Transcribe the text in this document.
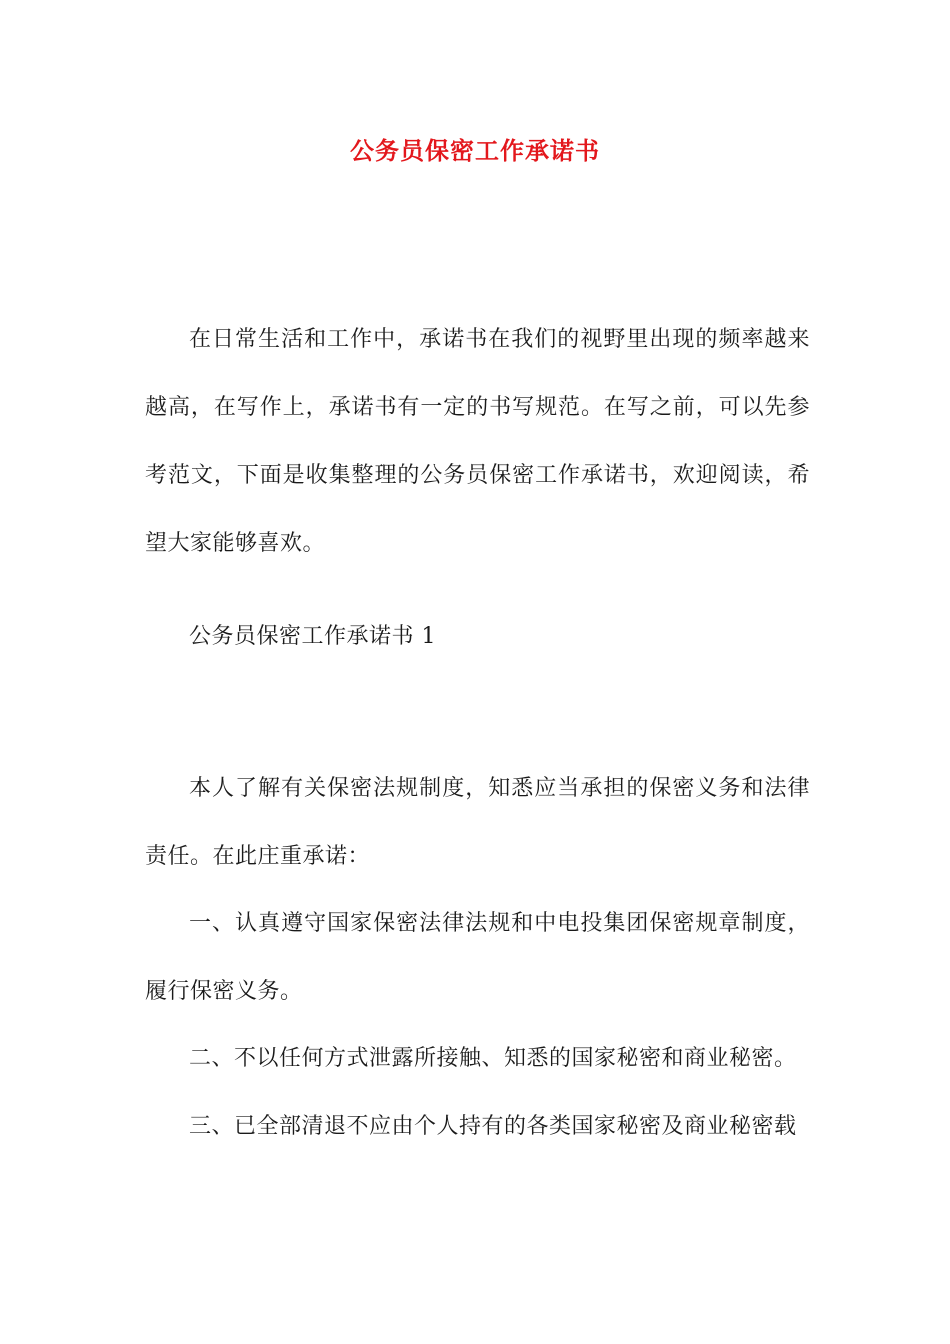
公务员保密工作承诺书

在日常生活和工作中，承诺书在我们的视野里出现的频率越来越高，在写作上，承诺书有一定的书写规范。在写之前，可以先参考范文，下面是收集整理的公务员保密工作承诺书，欢迎阅读，希望大家能够喜欢。

公务员保密工作承诺书 1

本人了解有关保密法规制度，知悉应当承担的保密义务和法律责任。在此庄重承诺：

一、认真遵守国家保密法律法规和中电投集团保密规章制度，履行保密义务。

二、不以任何方式泄露所接触、知悉的国家秘密和商业秘密。

三、已全部清退不应由个人持有的各类国家秘密及商业秘密载
